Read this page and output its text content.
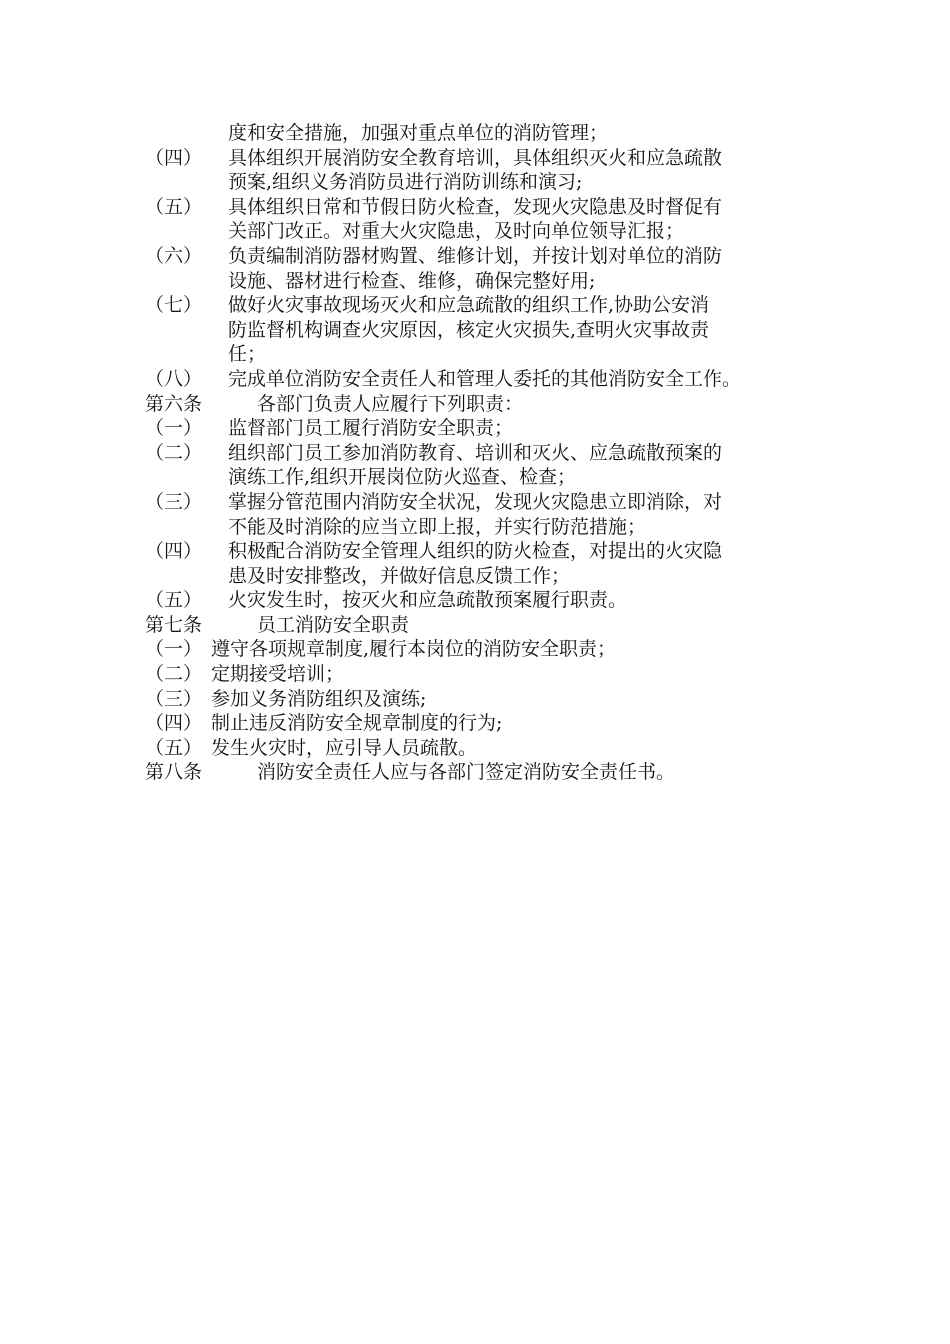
度和安全措施，加强对重点单位的消防管理；
（四） 具体组织开展消防安全教育培训，具体组织灭火和应急疏散
预案,组织义务消防员进行消防训练和演习;
（五） 具体组织日常和节假日防火检查，发现火灾隐患及时督促有
关部门改正。对重大火灾隐患，及时向单位领导汇报；
（六） 负责编制消防器材购置、维修计划，并按计划对单位的消防
设施、器材进行检查、维修，确保完整好用;
（七） 做好火灾事故现场灭火和应急疏散的组织工作,协助公安消
防监督机构调查火灾原因，核定火灾损失,查明火灾事故责
任；
（八） 完成单位消防安全责任人和管理人委托的其他消防安全工作。
第六条	各部门负责人应履行下列职责：
（一） 监督部门员工履行消防安全职责；
（二） 组织部门员工参加消防教育、培训和灭火、应急疏散预案的
演练工作,组织开展岗位防火巡查、检查；
（三） 掌握分管范围内消防安全状况，发现火灾隐患立即消除，对
不能及时消除的应当立即上报，并实行防范措施；
（四） 积极配合消防安全管理人组织的防火检查，对提出的火灾隐
患及时安排整改，并做好信息反馈工作；
（五） 火灾发生时，按灭火和应急疏散预案履行职责。
第七条	员工消防安全职责
（一） 遵守各项规章制度,履行本岗位的消防安全职责；
（二） 定期接受培训；
（三） 参加义务消防组织及演练;
（四） 制止违反消防安全规章制度的行为;
（五） 发生火灾时，应引导人员疏散。
第八条	消防安全责任人应与各部门签定消防安全责任书。
